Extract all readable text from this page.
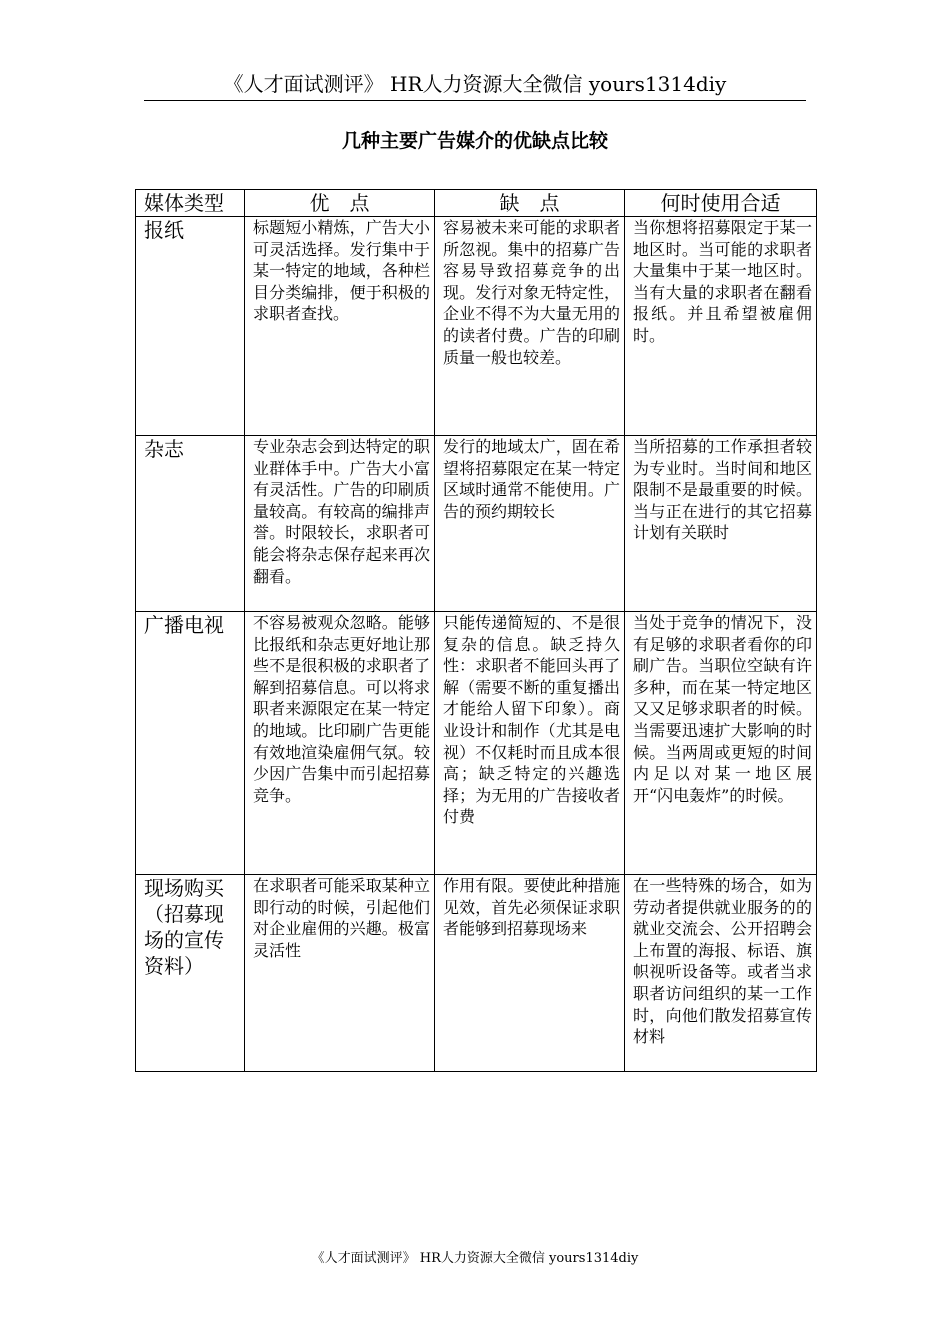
《人才面试测评》 HR人力资源大全微信 yours1314diy
几种主要广告媒介的优缺点比较
媒体类型	优　点	缺　点	何时使用合适
报纸	标题短小精炼，广告大小可灵活选择。发行集中于某一特定的地域，各种栏目分类编排，便于积极的求职者查找。	容易被未来可能的求职者所忽视。集中的招募广告容易导致招募竞争的出现。发行对象无特定性，企业不得不为大量无用的的读者付费。广告的印刷质量一般也较差。	当你想将招募限定于某一地区时。当可能的求职者大量集中于某一地区时。当有大量的求职者在翻看报纸。并且希望被雇佣时。
杂志	专业杂志会到达特定的职业群体手中。广告大小富有灵活性。广告的印刷质量较高。有较高的编排声誉。时限较长，求职者可能会将杂志保存起来再次翻看。	发行的地域太广，固在希望将招募限定在某一特定区域时通常不能使用。广告的预约期较长	当所招募的工作承担者较为专业时。当时间和地区限制不是最重要的时候。当与正在进行的其它招募计划有关联时
广播电视	不容易被观众忽略。能够比报纸和杂志更好地让那些不是很积极的求职者了解到招募信息。可以将求职者来源限定在某一特定的地域。比印刷广告更能有效地渲染雇佣气氛。较少因广告集中而引起招募竞争。	只能传递简短的、不是很复杂的信息。缺乏持久性：求职者不能回头再了解（需要不断的重复播出才能给人留下印象）。商业设计和制作（尤其是电视）不仅耗时而且成本很高；缺乏特定的兴趣选择；为无用的广告接收者付费	当处于竞争的情况下，没有足够的求职者看你的印刷广告。当职位空缺有许多种，而在某一特定地区又又足够求职者的时候。当需要迅速扩大影响的时候。当两周或更短的时间内足以对某一地区展开“闪电轰炸”的时候。
现场购买（招募现场的宣传资料）	在求职者可能采取某种立即行动的时候，引起他们对企业雇佣的兴趣。极富灵活性	作用有限。要使此种措施见效，首先必须保证求职者能够到招募现场来	在一些特殊的场合，如为劳动者提供就业服务的的就业交流会、公开招聘会上布置的海报、标语、旗帜视听设备等。或者当求职者访问组织的某一工作时，向他们散发招募宣传材料
《人才面试测评》 HR人力资源大全微信 yours1314diy
